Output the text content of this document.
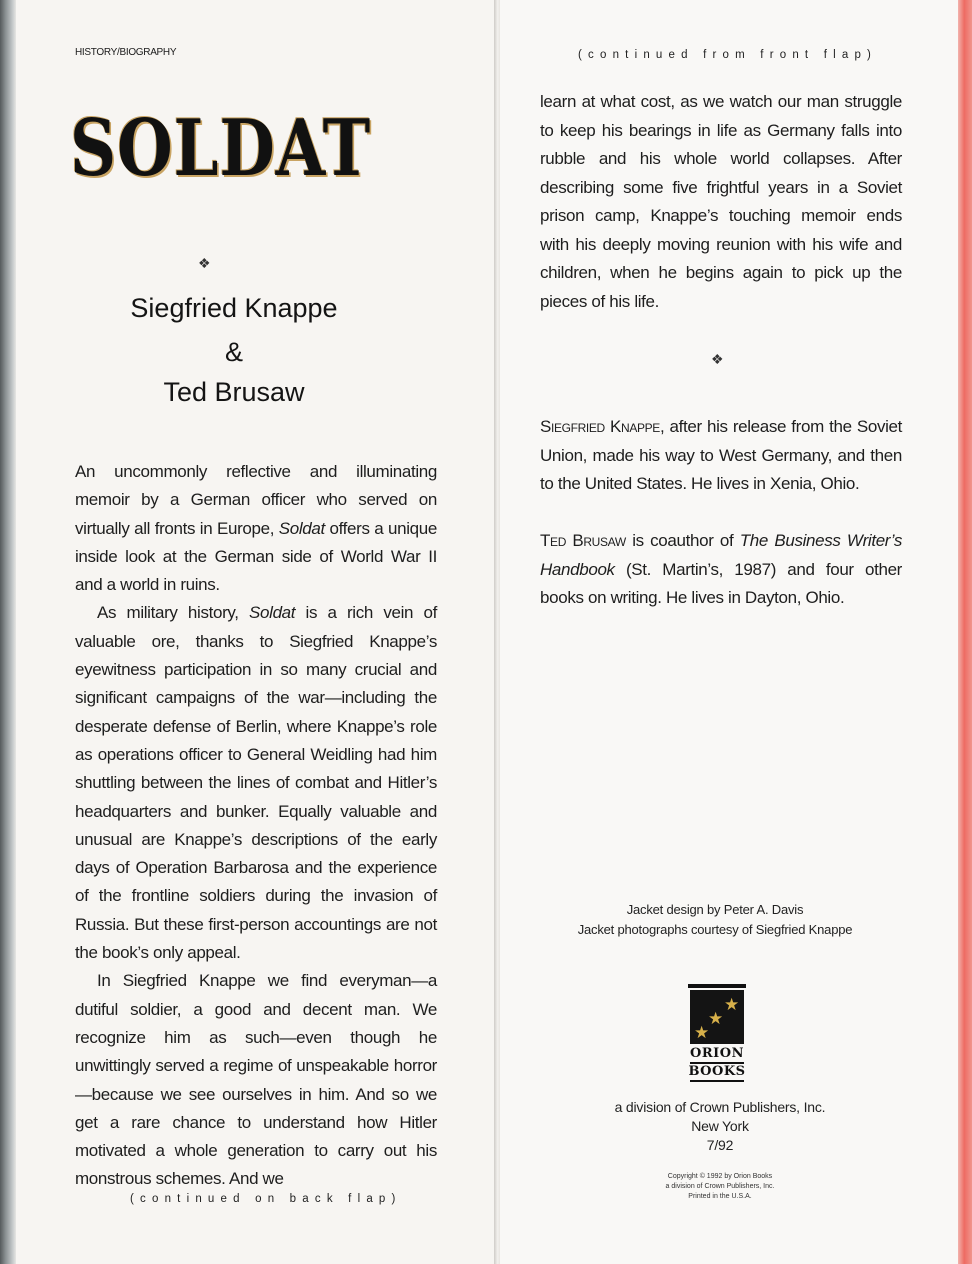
HISTORY/BIOGRAPHY
SOLDAT
❖
Siegfried Knappe
&
Ted Brusaw

An uncommonly reflective and illuminating memoir by a German officer who served on virtually all fronts in Europe, Soldat offers a unique inside look at the German side of World War II and a world in ruins.

As military history, Soldat is a rich vein of valuable ore, thanks to Siegfried Knappe’s eyewitness participation in so many crucial and significant campaigns of the war—including the desperate defense of Berlin, where Knappe’s role as operations officer to General Weidling had him shuttling between the lines of combat and Hitler’s headquarters and bunker. Equally valuable and unusual are Knappe’s descriptions of the early days of Operation Barbarosa and the experience of the frontline soldiers during the invasion of Russia. But these first-person accountings are not the book’s only appeal.

In Siegfried Knappe we find everyman—a dutiful soldier, a good and decent man. We recognize him as such—even though he unwittingly served a regime of unspeakable horror—because we see ourselves in him. And so we get a rare chance to understand how Hitler motivated a whole generation to carry out his monstrous schemes. And we

(continued on back flap)
(continued from front flap)

learn at what cost, as we watch our man struggle to keep his bearings in life as Germany falls into rubble and his whole world collapses. After describing some five frightful years in a Soviet prison camp, Knappe’s touching memoir ends with his deeply moving reunion with his wife and children, when he begins again to pick up the pieces of his life.

❖

Siegfried Knappe, after his release from the Soviet Union, made his way to West Germany, and then to the United States. He lives in Xenia, Ohio.

Ted Brusaw is coauthor of The Business Writer’s Handbook (St. Martin’s, 1987) and four other books on writing. He lives in Dayton, Ohio.

Jacket design by Peter A. Davis
Jacket photographs courtesy of Siegfried Knappe
★
★
★
ORION
BOOKS
a division of Crown Publishers, Inc.
New York
7/92
Copyright © 1992 by Orion Books
a division of Crown Publishers, Inc.
Printed in the U.S.A.
